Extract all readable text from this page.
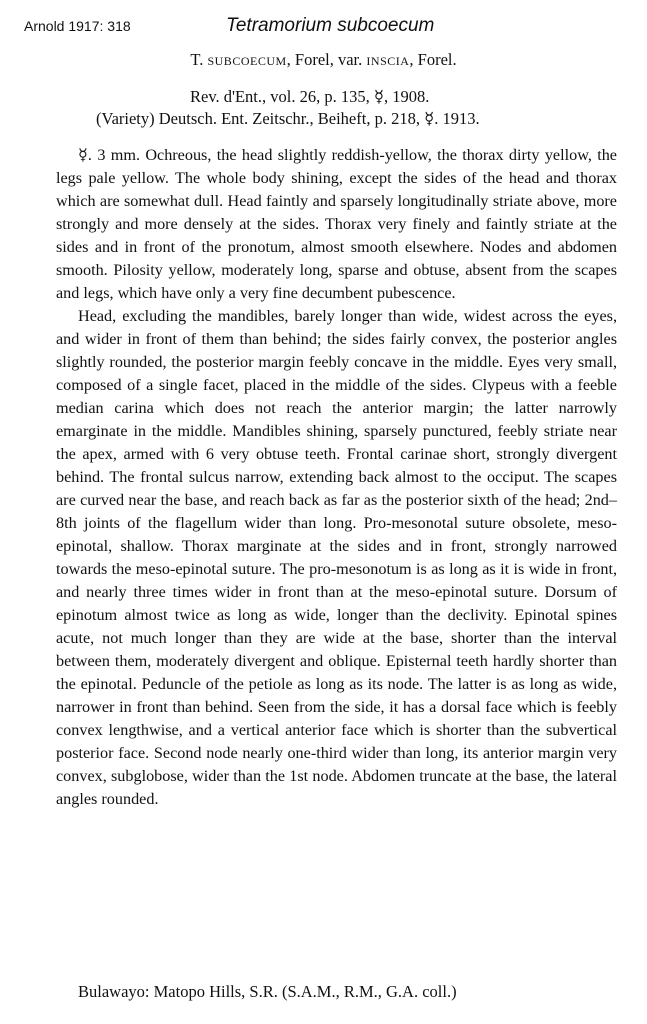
Arnold 1917: 318	Tetramorium subcoecum
T. subcoecum, Forel, var. inscia, Forel.
Rev. d'Ent., vol. 26, p. 135, ☿, 1908.
(Variety) Deutsch. Ent. Zeitschr., Beiheft, p. 218, ☿. 1913.

☿. 3 mm. Ochreous, the head slightly reddish-yellow, the thorax dirty yellow, the legs pale yellow. The whole body shining, except the sides of the head and thorax which are somewhat dull. Head faintly and sparsely longitudinally striate above, more strongly and more densely at the sides. Thorax very finely and faintly striate at the sides and in front of the pronotum, almost smooth elsewhere. Nodes and abdomen smooth. Pilosity yellow, moderately long, sparse and obtuse, absent from the scapes and legs, which have only a very fine decumbent pubescence.

Head, excluding the mandibles, barely longer than wide, widest across the eyes, and wider in front of them than behind; the sides fairly convex, the posterior angles slightly rounded, the posterior margin feebly concave in the middle. Eyes very small, composed of a single facet, placed in the middle of the sides. Clypeus with a feeble median carina which does not reach the anterior margin; the latter narrowly emarginate in the middle. Mandibles shining, sparsely punctured, feebly striate near the apex, armed with 6 very obtuse teeth. Frontal carinae short, strongly divergent behind. The frontal sulcus narrow, extending back almost to the occiput. The scapes are curved near the base, and reach back as far as the posterior sixth of the head; 2nd–8th joints of the flagellum wider than long. Pro-mesonotal suture obsolete, meso-epinotal, shallow. Thorax marginate at the sides and in front, strongly narrowed towards the meso-epinotal suture. The pro-mesonotum is as long as it is wide in front, and nearly three times wider in front than at the meso-epinotal suture. Dorsum of epinotum almost twice as long as wide, longer than the declivity. Epinotal spines acute, not much longer than they are wide at the base, shorter than the interval between them, moderately divergent and oblique. Episternal teeth hardly shorter than the epinotal. Peduncle of the petiole as long as its node. The latter is as long as wide, narrower in front than behind. Seen from the side, it has a dorsal face which is feebly convex lengthwise, and a vertical anterior face which is shorter than the subvertical posterior face. Second node nearly one-third wider than long, its anterior margin very convex, subglobose, wider than the 1st node. Abdomen truncate at the base, the lateral angles rounded.

Bulawayo: Matopo Hills, S.R. (S.A.M., R.M., G.A. coll.)
